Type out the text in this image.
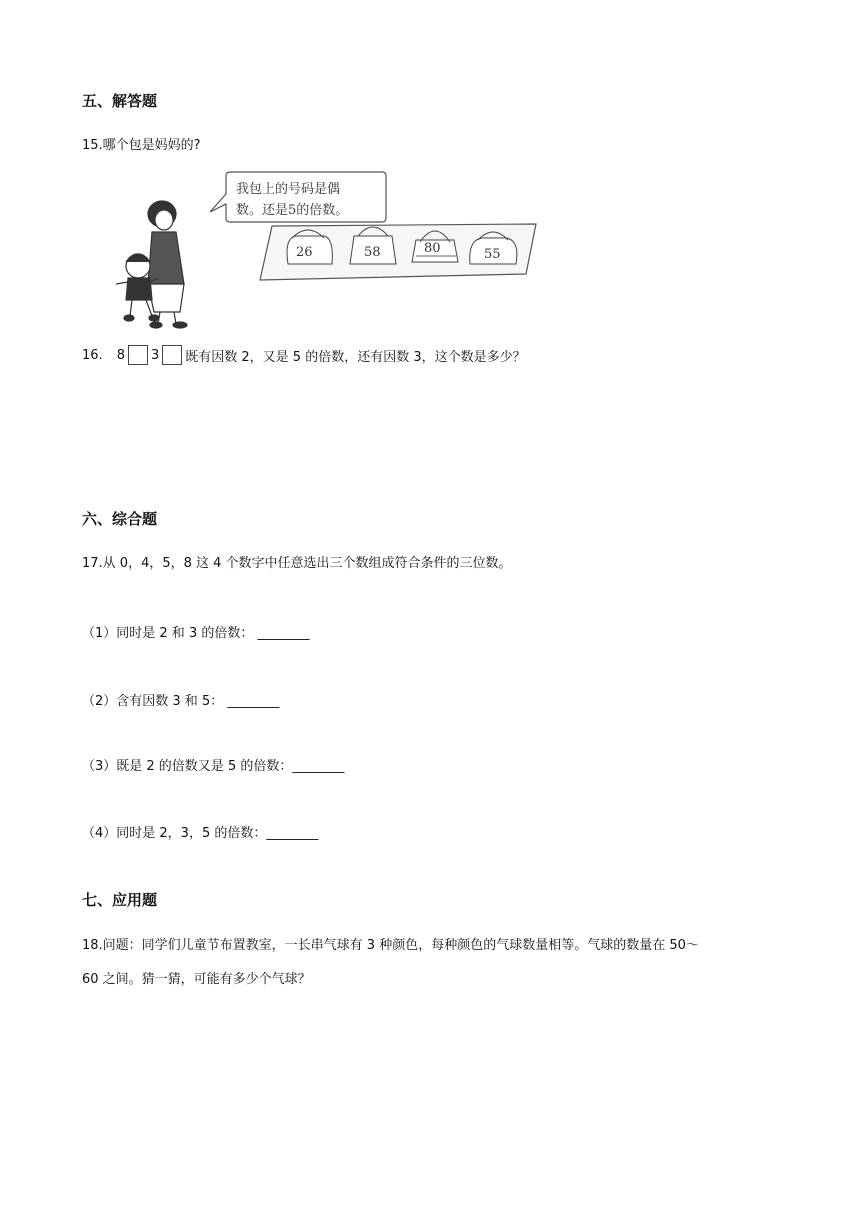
五、解答题
15.哪个包是妈妈的?
我包上的号码是偶
数。还是5的倍数。
26	58	80	55
16. 8 3 既有因数 2，又是 5 的倍数，还有因数 3，这个数是多少？
六、综合题
17.从 0，4，5，8 这 4 个数字中任意选出三个数组成符合条件的三位数。
（1）同时是 2 和 3 的倍数： ________
（2）含有因数 3 和 5： ________
（3）既是 2 的倍数又是 5 的倍数：________
（4）同时是 2，3，5 的倍数：________
七、应用题
18.问题：同学们儿童节布置教室，一长串气球有 3 种颜色，每种颜色的气球数量相等。气球的数量在 50～
60 之间。猜一猜，可能有多少个气球？
